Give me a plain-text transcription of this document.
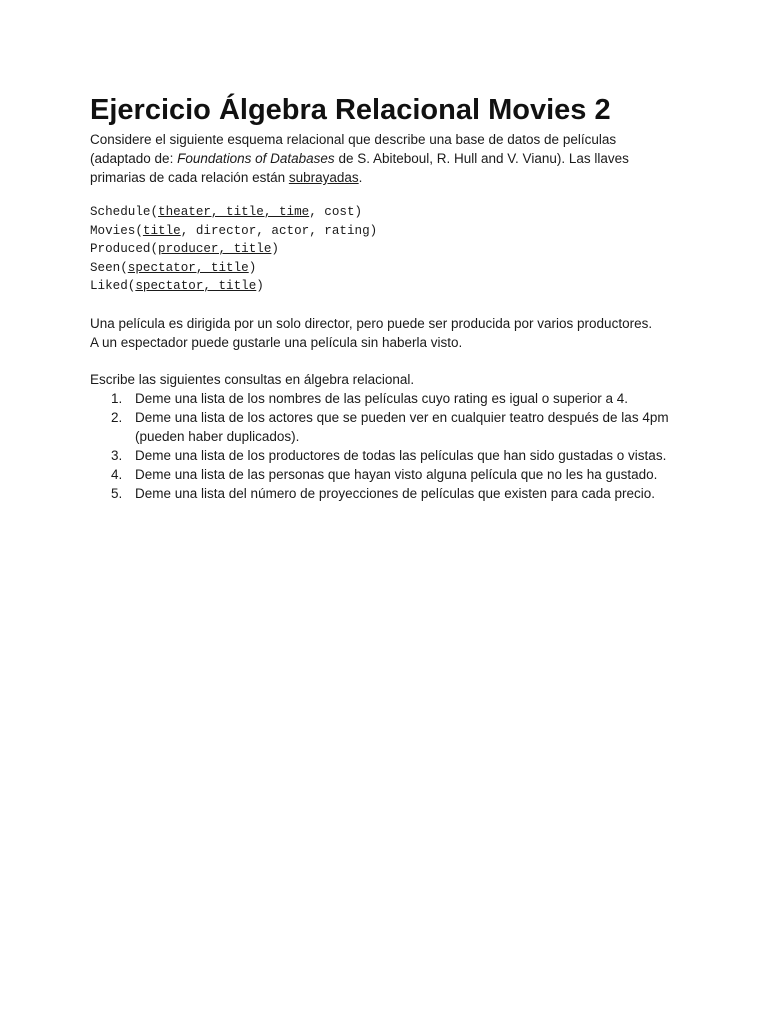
Ejercicio Álgebra Relacional Movies 2

Considere el siguiente esquema relacional que describe una base de datos de películas (adaptado de: Foundations of Databases de S. Abiteboul, R. Hull and V. Vianu). Las llaves primarias de cada relación están subrayadas.

Schedule(theater, title, time, cost)
Movies(title, director, actor, rating)
Produced(producer, title)
Seen(spectator, title)
Liked(spectator, title)
Una película es dirigida por un solo director, pero puede ser producida por varios productores.
A un espectador puede gustarle una película sin haberla visto.
Escribe las siguientes consultas en álgebra relacional.
1. Deme una lista de los nombres de las películas cuyo rating es igual o superior a 4.
2. Deme una lista de los actores que se pueden ver en cualquier teatro después de las 4pm (pueden haber duplicados).
3. Deme una lista de los productores de todas las películas que han sido gustadas o vistas.
4. Deme una lista de las personas que hayan visto alguna película que no les ha gustado.
5. Deme una lista del número de proyecciones de películas que existen para cada precio.
